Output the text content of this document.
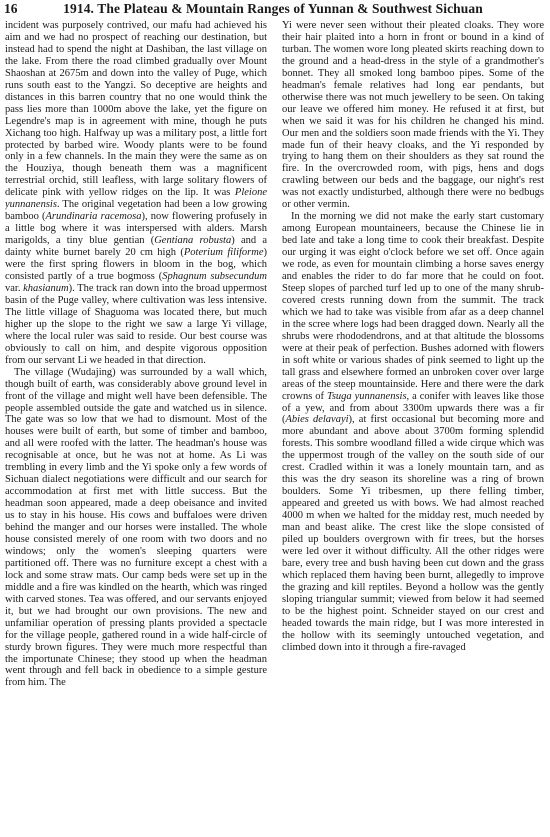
16	1914. The Plateau & Mountain Ranges of Yunnan & Southwest Sichuan

incident was purposely contrived, our mafu had achieved his aim and we had no prospect of reaching our destination, but instead had to spend the night at Dashiban, the last village on the lake. From there the road climbed gradually over Mount Shaoshan at 2675m and down into the valley of Puge, which runs south east to the Yangzi. So deceptive are heights and distances in this barren country that no one would think the pass lies more than 1000m above the lake, yet the figure on Legendre's map is in agreement with mine, though he puts Xichang too high. Halfway up was a military post, a little fort protected by barbed wire. Woody plants were to be found only in a few channels. In the main they were the same as on the Houziya, though beneath them was a magnificent terrestrial orchid, still leafless, with large solitary flowers of delicate pink with yellow ridges on the lip. It was Pleione yunnanensis. The original vegetation had been a low growing bamboo (Arundinaria racemosa), now flowering profusely in a little bog where it was interspersed with alders. Marsh marigolds, a tiny blue gentian (Gentiana robusta) and a dainty white burnet barely 20 cm high (Poterium filiforme) were the first spring flowers in bloom in the bog, which consisted partly of a true bogmoss (Sphagnum subsecundum var. khasianum). The track ran down into the broad uppermost basin of the Puge valley, where cultivation was less intensive. The little village of Shaguoma was located there, but much higher up the slope to the right we saw a large Yi village, where the local ruler was said to reside. Our best course was obviously to call on him, and despite vigorous opposition from our servant Li we headed in that direction.

The village (Wudajing) was surrounded by a wall which, though built of earth, was considerably above ground level in front of the village and might well have been defensible. The people assembled outside the gate and watched us in silence. The gate was so low that we had to dismount. Most of the houses were built of earth, but some of timber and bamboo, and all were roofed with the latter. The headman's house was recognisable at once, but he was not at home. As Li was trembling in every limb and the Yi spoke only a few words of Sichuan dialect negotiations were difficult and our search for accommodation at first met with little success. But the headman soon appeared, made a deep obeisance and invited us to stay in his house. His cows and buffaloes were driven behind the manger and our horses were installed. The whole house consisted merely of one room with two doors and no windows; only the women's sleeping quarters were partitioned off. There was no furniture except a chest with a lock and some straw mats. Our camp beds were set up in the middle and a fire was kindled on the hearth, which was ringed with carved stones. Tea was offered, and our servants enjoyed it, but we had brought our own provisions. The new and unfamiliar operation of pressing plants provided a spectacle for the village people, gathered round in a wide half-circle of sturdy brown figures. They were much more respectful than the importunate Chinese; they stood up when the headman went through and fell back in obedience to a simple gesture from him. The

Yi were never seen without their pleated cloaks. They wore their hair plaited into a horn in front or bound in a kind of turban. The women wore long pleated skirts reaching down to the ground and a head-dress in the style of a grandmother's bonnet. They all smoked long bamboo pipes. Some of the headman's female relatives had long ear pendants, but otherwise there was not much jewellery to be seen. On taking our leave we offered him money. He refused it at first, but when we said it was for his children he changed his mind. Our men and the soldiers soon made friends with the Yi. They made fun of their heavy cloaks, and the Yi responded by trying to hang them on their shoulders as they sat round the fire. In the overcrowded room, with pigs, hens and dogs crawling between our beds and the baggage, our night's rest was not exactly undisturbed, although there were no bedbugs or other vermin.

In the morning we did not make the early start customary among European mountaineers, because the Chinese lie in bed late and take a long time to cook their breakfast. Despite our urging it was eight o'clock before we set off. Once again we rode, as even for mountain climbing a horse saves energy and enables the rider to do far more that he could on foot. Steep slopes of parched turf led up to one of the many shrub-covered crests running down from the summit. The track which we had to take was visible from afar as a deep channel in the scree where logs had been dragged down. Nearly all the shrubs were rhododendrons, and at that altitude the blossoms were at their peak of perfection. Bushes adorned with flowers in soft white or various shades of pink seemed to light up the tall grass and elsewhere formed an unbroken cover over large areas of the steep mountainside. Here and there were the dark crowns of Tsuga yunnanensis, a conifer with leaves like those of a yew, and from about 3300m upwards there was a fir (Abies delavayi), at first occasional but becoming more and more abundant and above about 3700m forming splendid forests. This sombre woodland filled a wide cirque which was the uppermost trough of the valley on the south side of our crest. Cradled within it was a lonely mountain tarn, and as this was the dry season its shoreline was a ring of brown boulders. Some Yi tribesmen, up there felling timber, appeared and greeted us with bows. We had almost reached 4000 m when we halted for the midday rest, much needed by man and beast alike. The crest like the slope consisted of piled up boulders overgrown with fir trees, but the horses were led over it without difficulty. All the other ridges were bare, every tree and bush having been cut down and the grass which replaced them having been burnt, allegedly to improve the grazing and kill reptiles. Beyond a hollow was the gently sloping triangular summit; viewed from below it had seemed to be the highest point. Schneider stayed on our crest and headed towards the main ridge, but I was more interested in the hollow with its seemingly untouched vegetation, and climbed down into it through a fire-ravaged
